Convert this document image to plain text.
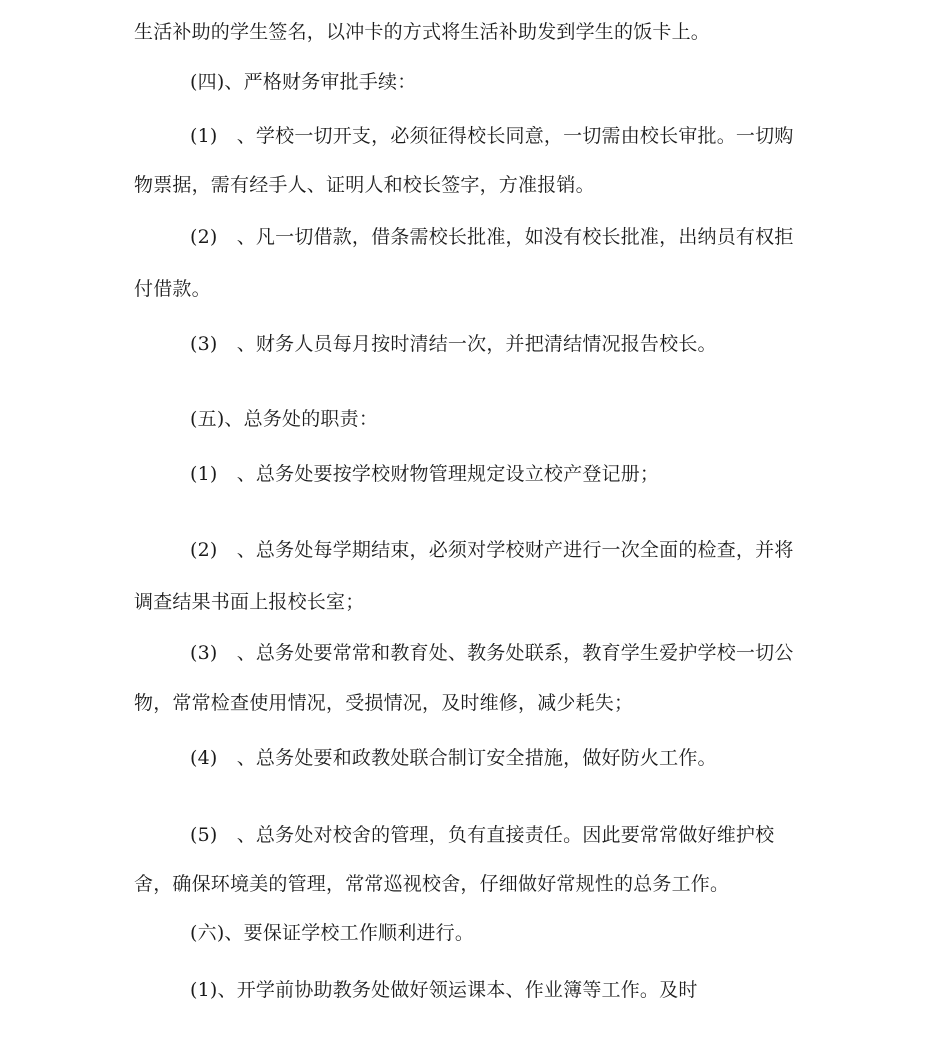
生活补助的学生签名，以冲卡的方式将生活补助发到学生的饭卡上。
(四)、严格财务审批手续：
(1)　、学校一切开支，必须征得校长同意，一切需由校长审批。一切购
物票据，需有经手人、证明人和校长签字，方准报销。
(2)　、凡一切借款，借条需校长批准，如没有校长批准，出纳员有权拒
付借款。
(3)　、财务人员每月按时清结一次，并把清结情况报告校长。
(五)、总务处的职责：
(1)　、总务处要按学校财物管理规定设立校产登记册；
(2)　、总务处每学期结束，必须对学校财产进行一次全面的检查，并将
调查结果书面上报校长室；
(3)　、总务处要常常和教育处、教务处联系，教育学生爱护学校一切公
物，常常检查使用情况，受损情况，及时维修，减少耗失；
(4)　、总务处要和政教处联合制订安全措施，做好防火工作。
(5)　、总务处对校舍的管理，负有直接责任。因此要常常做好维护校
舍，确保环境美的管理，常常巡视校舍，仔细做好常规性的总务工作。
(六)、要保证学校工作顺利进行。
(1)、开学前协助教务处做好领运课本、作业簿等工作。及时
